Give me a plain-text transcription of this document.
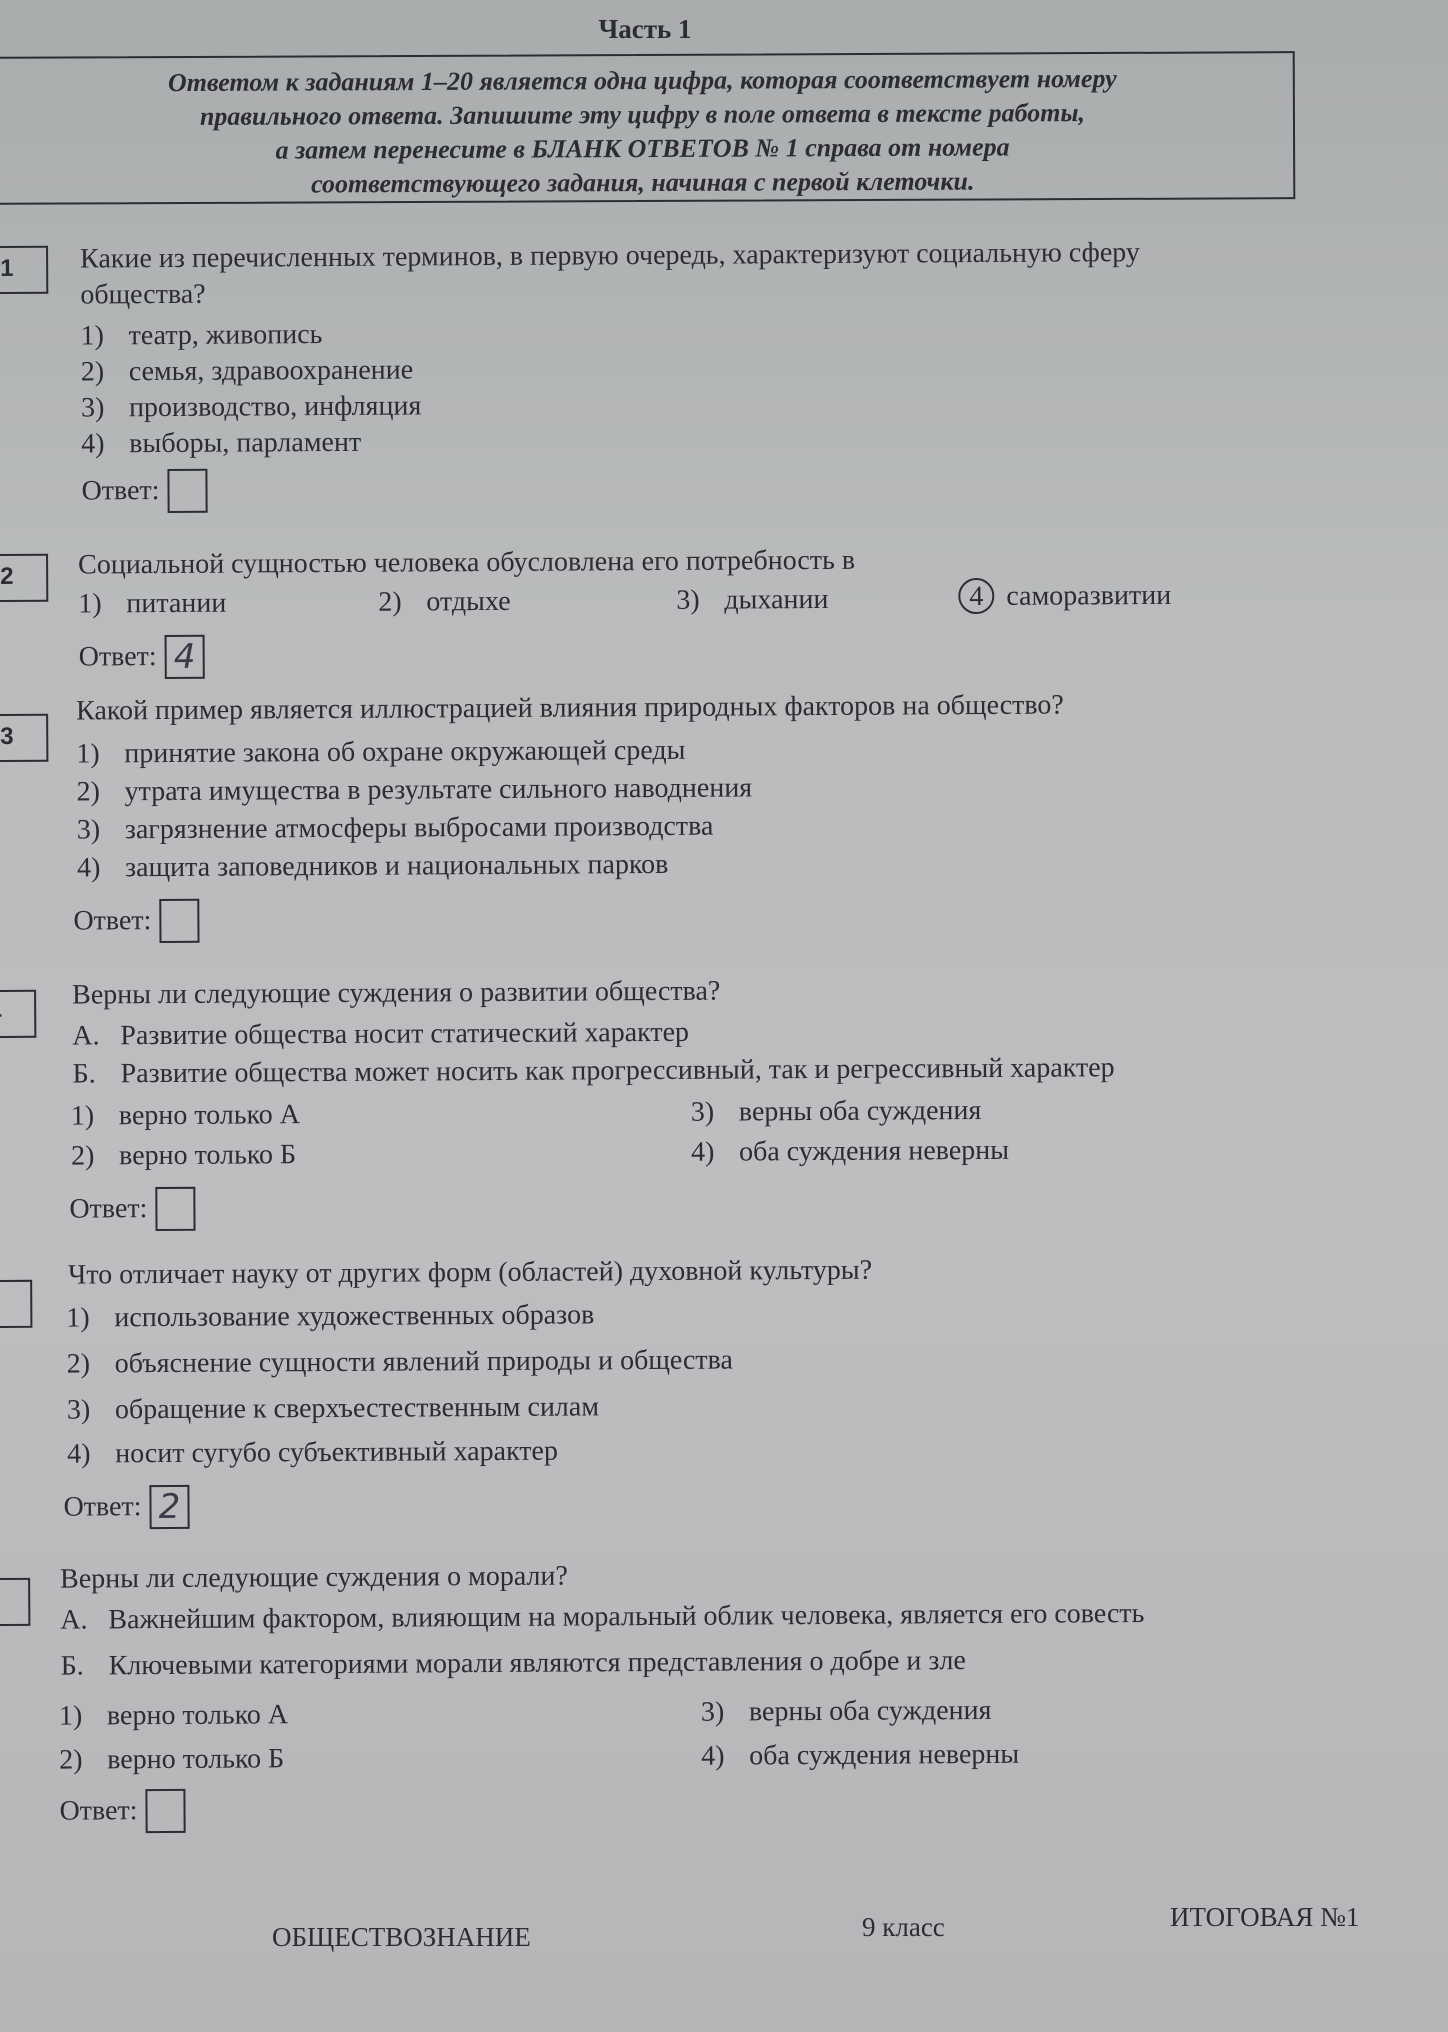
Часть 1
Ответом к заданиям 1–20 является одна цифра, которая соответствует номеру
правильного ответа. Запишите эту цифру в поле ответа в тексте работы,
а затем перенесите в БЛАНК ОТВЕТОВ № 1 справа от номера
соответствующего задания, начиная с первой клеточки.
1	Какие из перечисленных терминов, в первую очередь, характеризуют социальную сферу
общества?
1) театр, живопись
2) семья, здравоохранение
3) производство, инфляция
4) выборы, парламент
Ответ:
2	Социальной сущностью человека обусловлена его потребность в
1) питании	2) отдыхе	3) дыхании	4 саморазвитии
Ответ: 4
3
Какой пример является иллюстрацией влияния природных факторов на общество?
1) принятие закона об охране окружающей среды
2) утрата имущества в результате сильного наводнения
3) загрязнение атмосферы выбросами производства
4) защита заповедников и национальных парков
Ответ:
Верны ли следующие суждения о развитии общества?
А. Развитие общества носит статический характер
Б. Развитие общества может носить как прогрессивный, так и регрессивный характер
1) верно только А
2) верно только Б
3) верны оба суждения
4) оба суждения неверны
Ответ:
Что отличает науку от других форм (областей) духовной культуры?
1) использование художественных образов
2) объяснение сущности явлений природы и общества
3) обращение к сверхъестественным силам
4) носит сугубо субъективный характер
Ответ: 2
Верны ли следующие суждения о морали?
А. Важнейшим фактором, влияющим на моральный облик человека, является его совесть
Б. Ключевыми категориями морали являются представления о добре и зле
1) верно только А
2) верно только Б
3) верны оба суждения
4) оба суждения неверны
Ответ:
ОБЩЕСТВОЗНАНИЕ	9 класс	ИТОГОВАЯ №1
